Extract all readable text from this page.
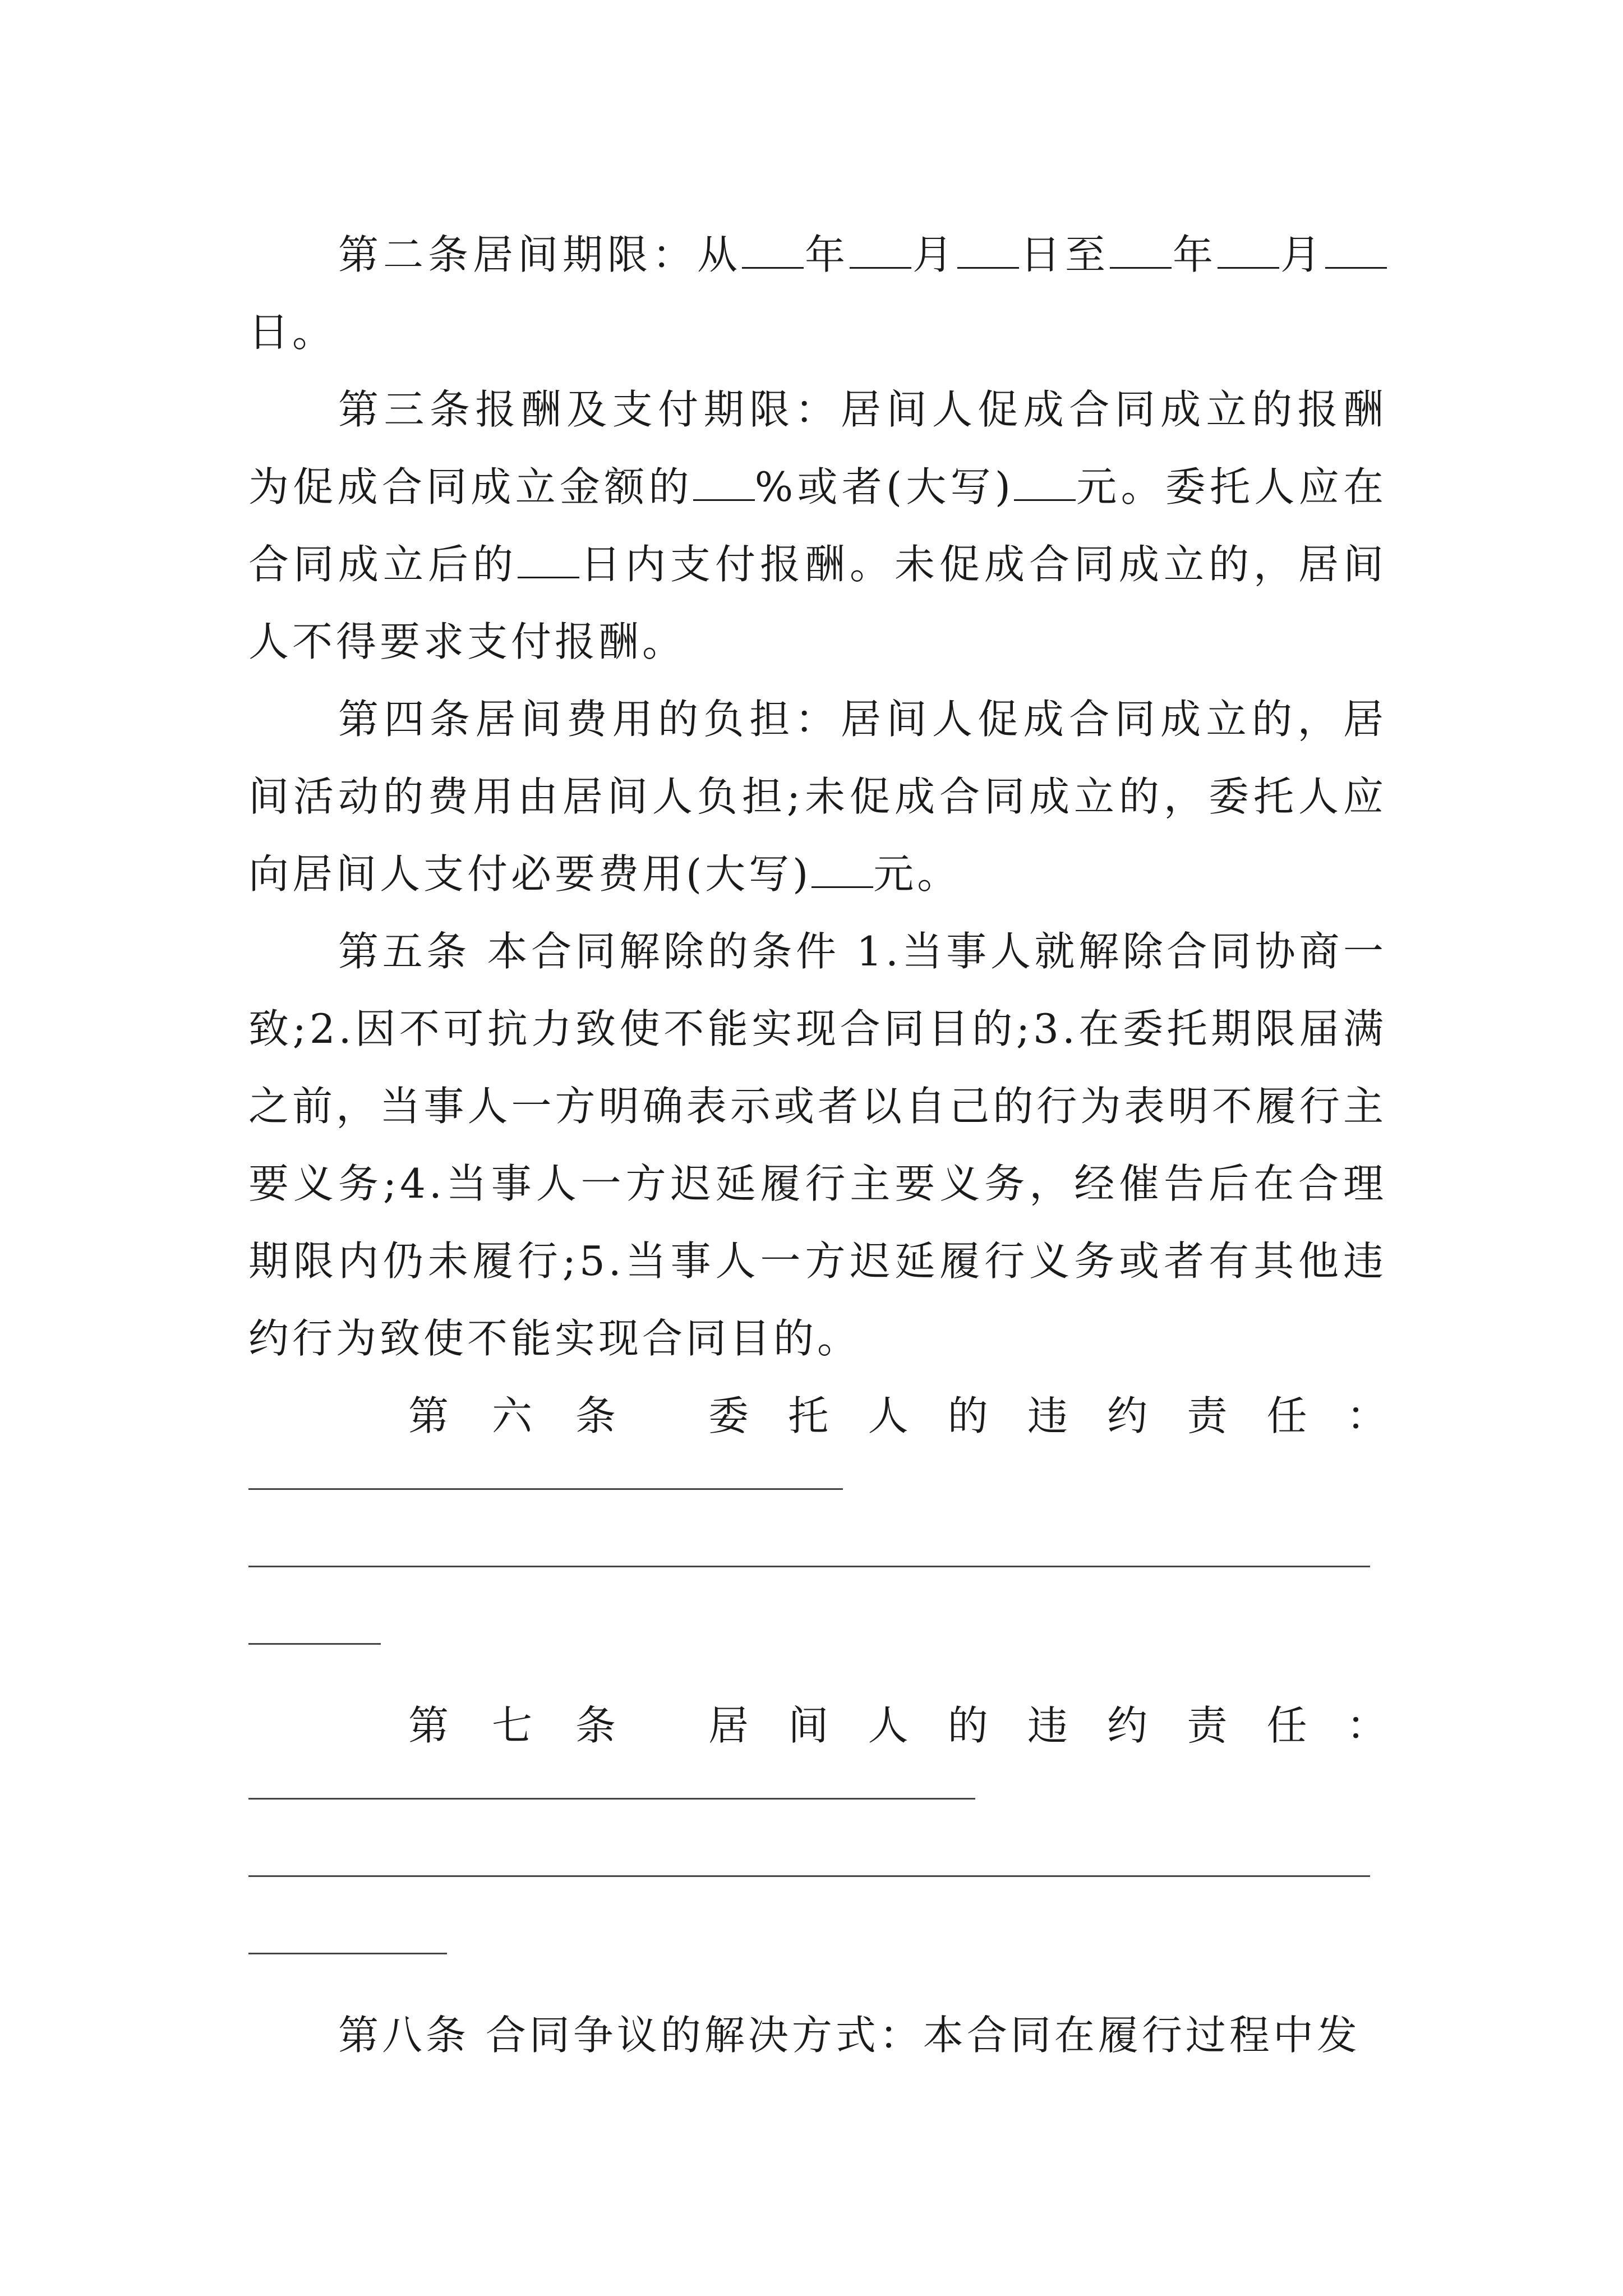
第二条居间期限：从 年 月 日至 年 月日。

第三条报酬及支付期限：居间人促成合同成立的报酬为促成合同成立金额的 %或者(大写) 元。委托人应在合同成立后的 日内支付报酬。未促成合同成立的，居间人不得要求支付报酬。

第四条居间费用的负担：居间人促成合同成立的，居间活动的费用由居间人负担;未促成合同成立的，委托人应向居间人支付必要费用(大写) 元。

第五条 本合同解除的条件 1.当事人就解除合同协商一致;2.因不可抗力致使不能实现合同目的;3.在委托期限届满之前，当事人一方明确表示或者以自己的行为表明不履行主要义务;4.当事人一方迟延履行主要义务，经催告后在合理期限内仍未履行;5.当事人一方迟延履行义务或者有其他违约行为致使不能实现合同目的。

第 六 条 委 托 人 的 违 约 责 任 ：
第 七 条 居 间 人 的 违 约 责 任 ：

第八条 合同争议的解决方式：本合同在履行过程中发
